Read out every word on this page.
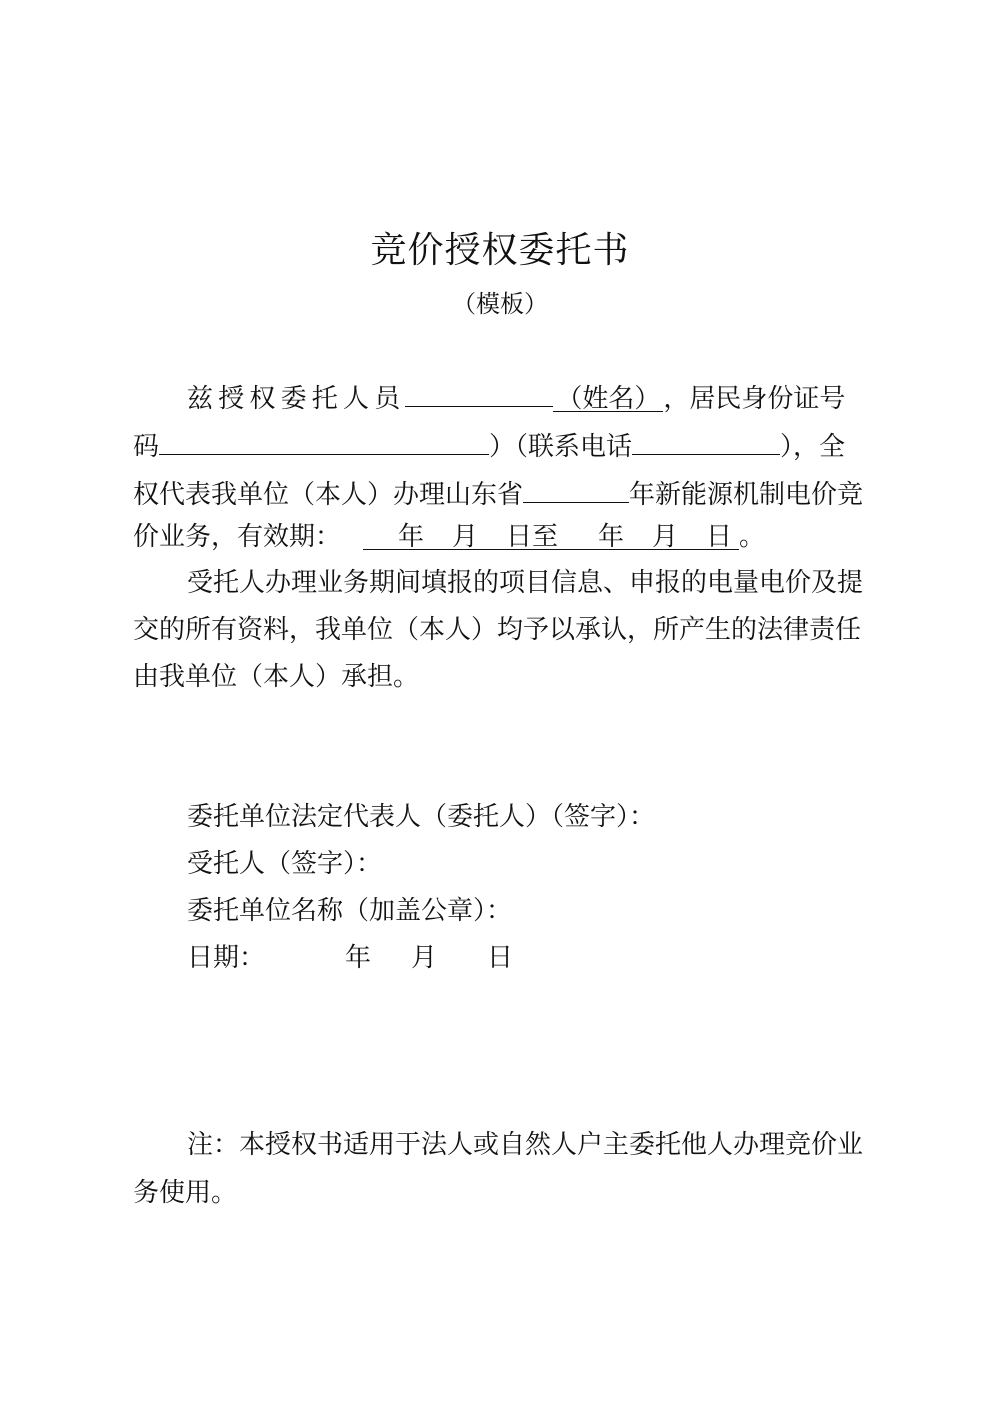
竞价授权委托书
（模板）
兹授权委托人员	（姓名） ，居民身份证号
码	）（联系电话	），全
权代表我单位（本人）办理山东省	年新能源机制电价竞
价业务，有效期： 年 月 日至 年 月 日 。
受托人办理业务期间填报的项目信息、申报的电量电价及提
交的所有资料，我单位（本人）均予以承认，所产生的法律责任
由我单位（本人）承担。
委托单位法定代表人（委托人）（签字）：
受托人（签字）：
委托单位名称（加盖公章）：
日期：	年 月 日
注：本授权书适用于法人或自然人户主委托他人办理竞价业
务使用。
